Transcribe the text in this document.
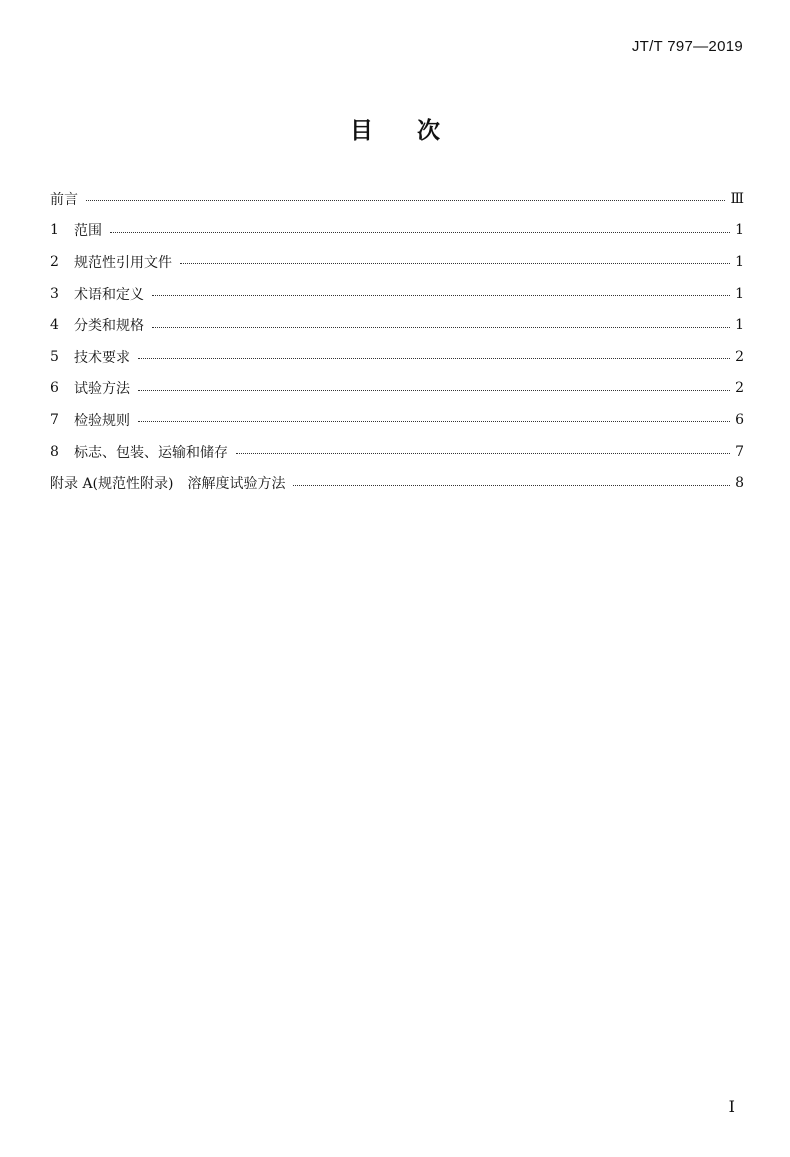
JT/T 797—2019
目次
前言	Ⅲ
1	范围	1
2	规范性引用文件	1
3	术语和定义	1
4	分类和规格	1
5	技术要求	2
6	试验方法	2
7	检验规则	6
8	标志、包装、运输和储存	7
附录 A(规范性附录)　溶解度试验方法	8
I
